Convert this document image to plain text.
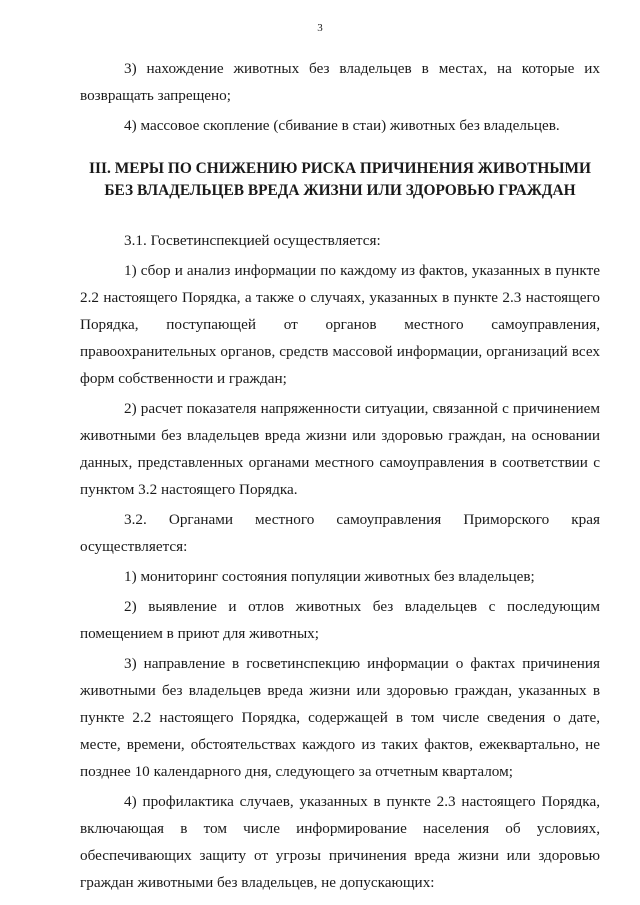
3

3) нахождение животных без владельцев в местах, на которые их возвращать запрещено;

4) массовое скопление (сбивание в стаи) животных без владельцев.

III. МЕРЫ ПО СНИЖЕНИЮ РИСКА ПРИЧИНЕНИЯ ЖИВОТНЫМИ
БЕЗ ВЛАДЕЛЬЦЕВ ВРЕДА ЖИЗНИ ИЛИ ЗДОРОВЬЮ ГРАЖДАН

3.1. Госветинспекцией осуществляется:

1) сбор и анализ информации по каждому из фактов, указанных в пункте 2.2 настоящего Порядка, а также о случаях, указанных в пункте 2.3 настоящего Порядка, поступающей от органов местного самоуправления, правоохранительных органов, средств массовой информации, организаций всех форм собственности и граждан;

2) расчет показателя напряженности ситуации, связанной с причинением животными без владельцев вреда жизни или здоровью граждан, на основании данных, представленных органами местного самоуправления в соответствии с пунктом 3.2 настоящего Порядка.

3.2. Органами местного самоуправления Приморского края осуществляется:

1) мониторинг состояния популяции животных без владельцев;

2) выявление и отлов животных без владельцев с последующим помещением в приют для животных;

3) направление в госветинспекцию информации о фактах причинения животными без владельцев вреда жизни или здоровью граждан, указанных в пункте 2.2 настоящего Порядка, содержащей в том числе сведения о дате, месте, времени, обстоятельствах каждого из таких фактов, ежеквартально, не позднее 10 календарного дня, следующего за отчетным кварталом;

4) профилактика случаев, указанных в пункте 2.3 настоящего Порядка, включающая в том числе информирование населения об условиях, обеспечивающих защиту от угрозы причинения вреда жизни или здоровью граждан животными без владельцев, не допускающих:
